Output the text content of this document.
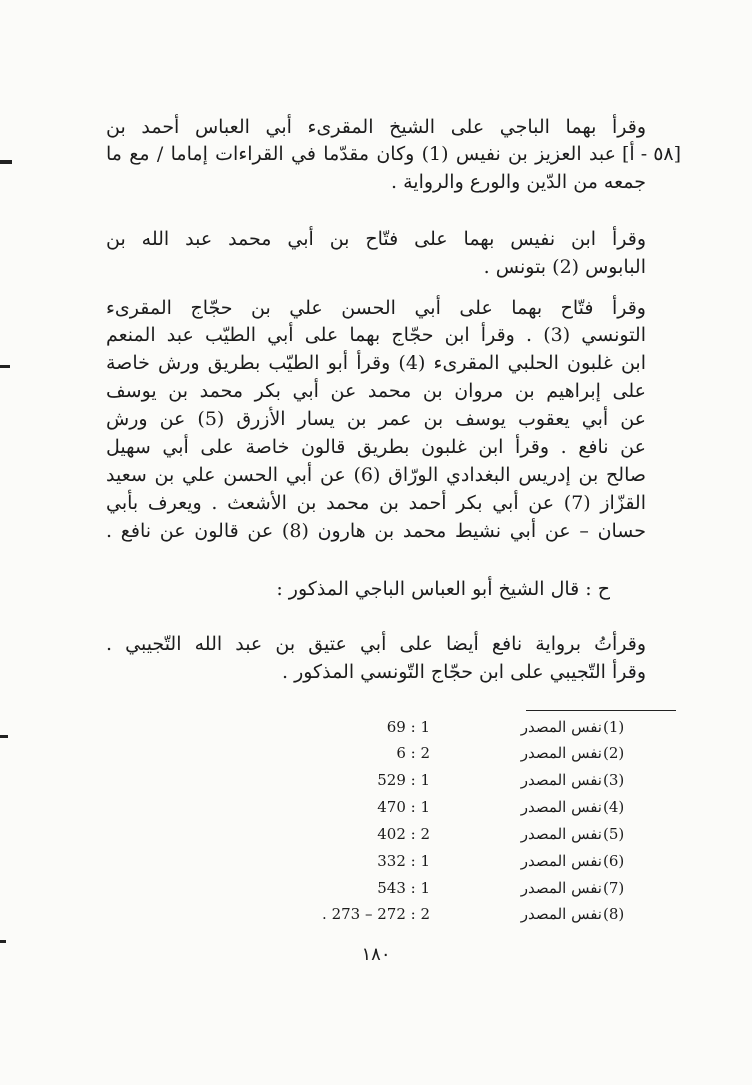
[٥٨ - أ]
وقرأ بهما الباجي على الشيخ المقرىء أبي العباس أحمد بن
عبد العزيز بن نفيس (1) وكان مقدّما في القراءات إماما / مع ما
جمعه من الدّين والورع والرواية .
وقرأ ابن نفيس بهما على فتّاح بن أبي محمد عبد الله بن
البابوس (2) بتونس .
وقرأ فتّاح بهما على أبي الحسن علي بن حجّاج المقرىء
التونسي (3) . وقرأ ابن حجّاج بهما على أبي الطيّب عبد المنعم
ابن غلبون الحلبي المقرىء (4) وقرأ أبو الطيّب بطريق ورش خاصة
على إبراهيم بن مروان بن محمد عن أبي بكر محمد بن يوسف
عن أبي يعقوب يوسف بن عمر بن يسار الأزرق (5) عن ورش
عن نافع . وقرأ ابن غلبون بطريق قالون خاصة على أبي سهيل
صالح بن إدريس البغدادي الورّاق (6) عن أبي الحسن علي بن سعيد
القزّاز (7) عن أبي بكر أحمد بن محمد بن الأشعث . ويعرف بأبي
حسان – عن أبي نشيط محمد بن هارون (8) عن قالون عن نافع .
ح : قال الشيخ أبو العباس الباجي المذكور :
وقرأتُ برواية نافع أيضا على أبي عتيق بن عبد الله التّجيبي .
وقرأ التّجيبي على ابن حجّاج التّونسي المذكور .
(1)
نفس المصدر
69 : 1
(2)
نفس المصدر
6 : 2
(3)
نفس المصدر
529 : 1
(4)
نفس المصدر
470 : 1
(5)
نفس المصدر
402 : 2
(6)
نفس المصدر
332 : 1
(7)
نفس المصدر
543 : 1
(8)
نفس المصدر
. 273 – 272 : 2
١٨٠
